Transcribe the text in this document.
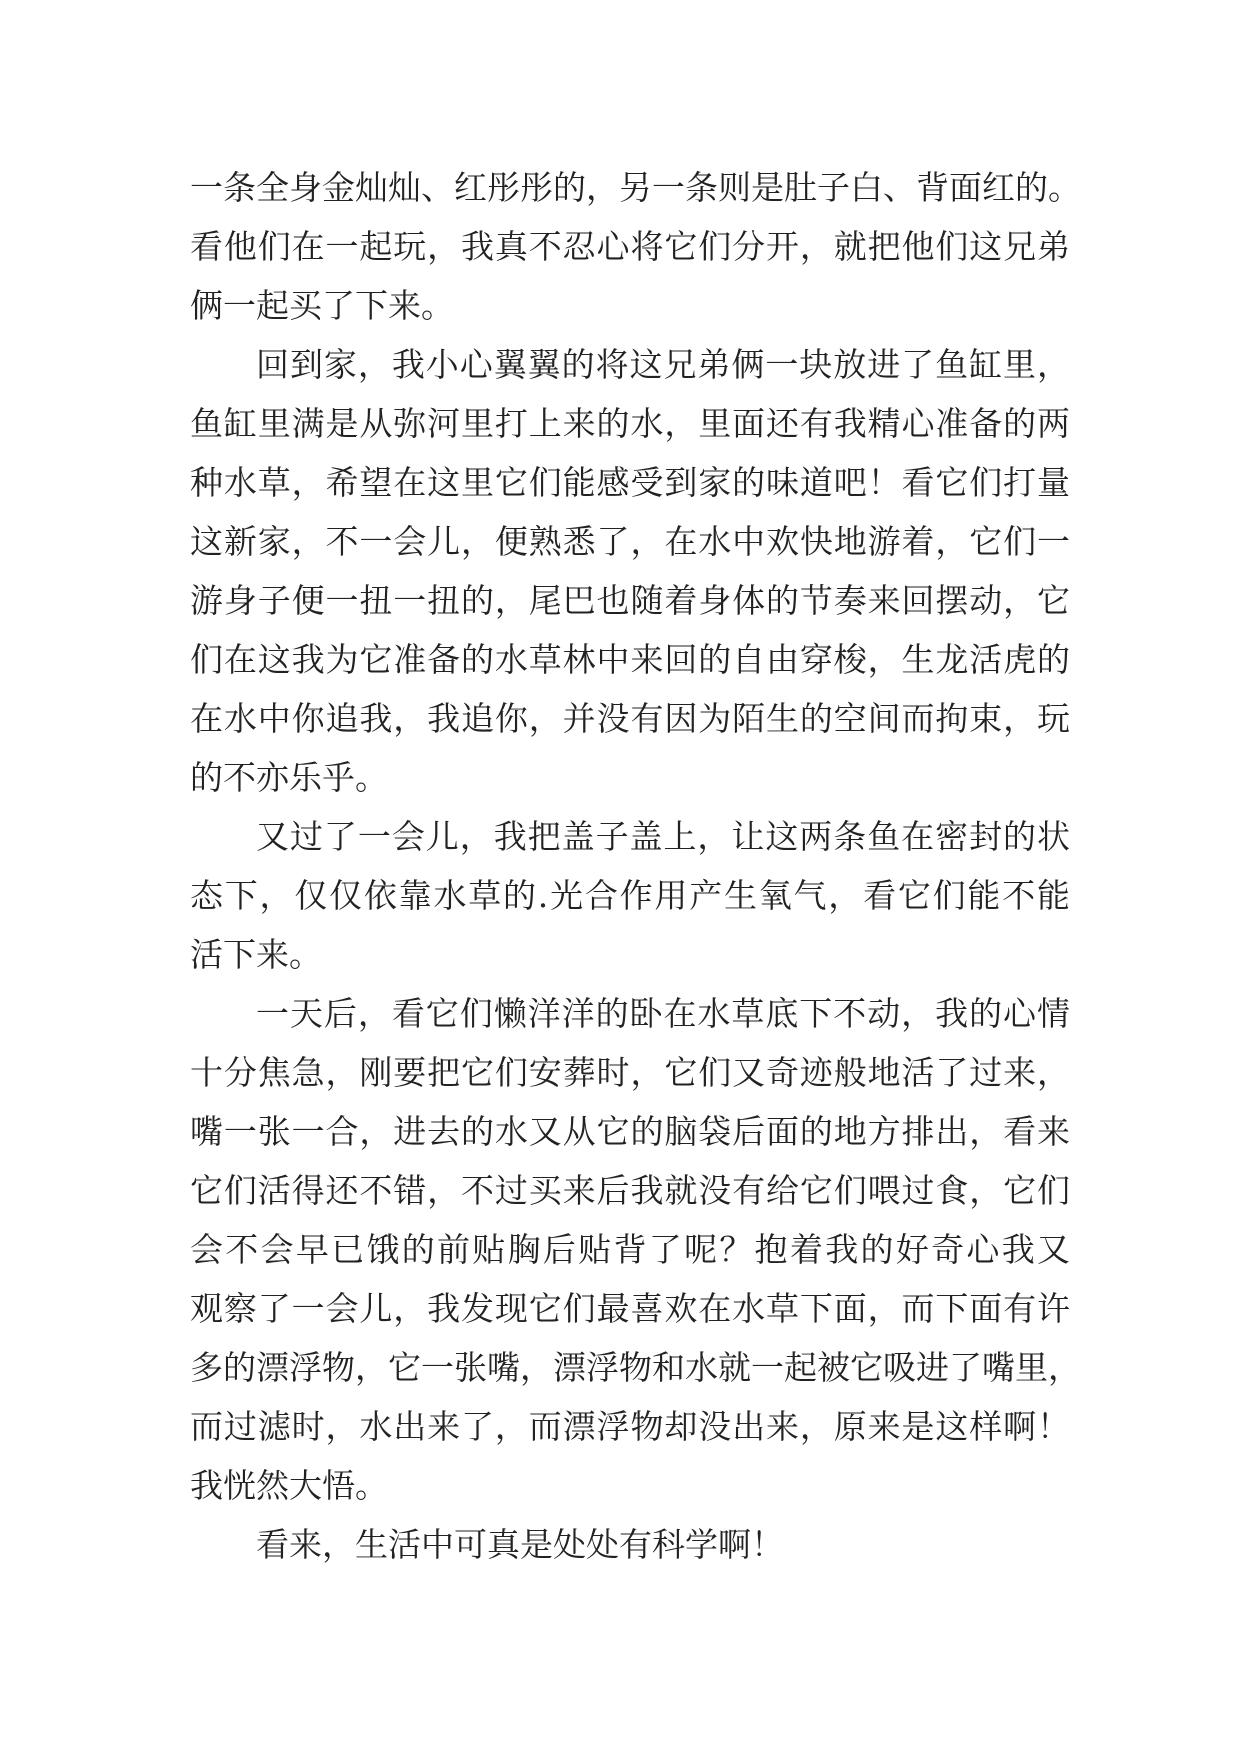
一条全身金灿灿、红彤彤的，另一条则是肚子白、背面红的。
看他们在一起玩，我真不忍心将它们分开，就把他们这兄弟
俩一起买了下来。
回到家，我小心翼翼的将这兄弟俩一块放进了鱼缸里，
鱼缸里满是从弥河里打上来的水，里面还有我精心准备的两
种水草，希望在这里它们能感受到家的味道吧！看它们打量
这新家，不一会儿，便熟悉了，在水中欢快地游着，它们一
游身子便一扭一扭的，尾巴也随着身体的节奏来回摆动，它
们在这我为它准备的水草林中来回的自由穿梭，生龙活虎的
在水中你追我，我追你，并没有因为陌生的空间而拘束，玩
的不亦乐乎。
又过了一会儿，我把盖子盖上，让这两条鱼在密封的状
态下，仅仅依靠水草的.光合作用产生氧气，看它们能不能
活下来。
一天后，看它们懒洋洋的卧在水草底下不动，我的心情
十分焦急，刚要把它们安葬时，它们又奇迹般地活了过来，
嘴一张一合，进去的水又从它的脑袋后面的地方排出，看来
它们活得还不错，不过买来后我就没有给它们喂过食，它们
会不会早已饿的前贴胸后贴背了呢？抱着我的好奇心我又
观察了一会儿，我发现它们最喜欢在水草下面，而下面有许
多的漂浮物，它一张嘴，漂浮物和水就一起被它吸进了嘴里，
而过滤时，水出来了，而漂浮物却没出来，原来是这样啊！
我恍然大悟。
看来，生活中可真是处处有科学啊！
